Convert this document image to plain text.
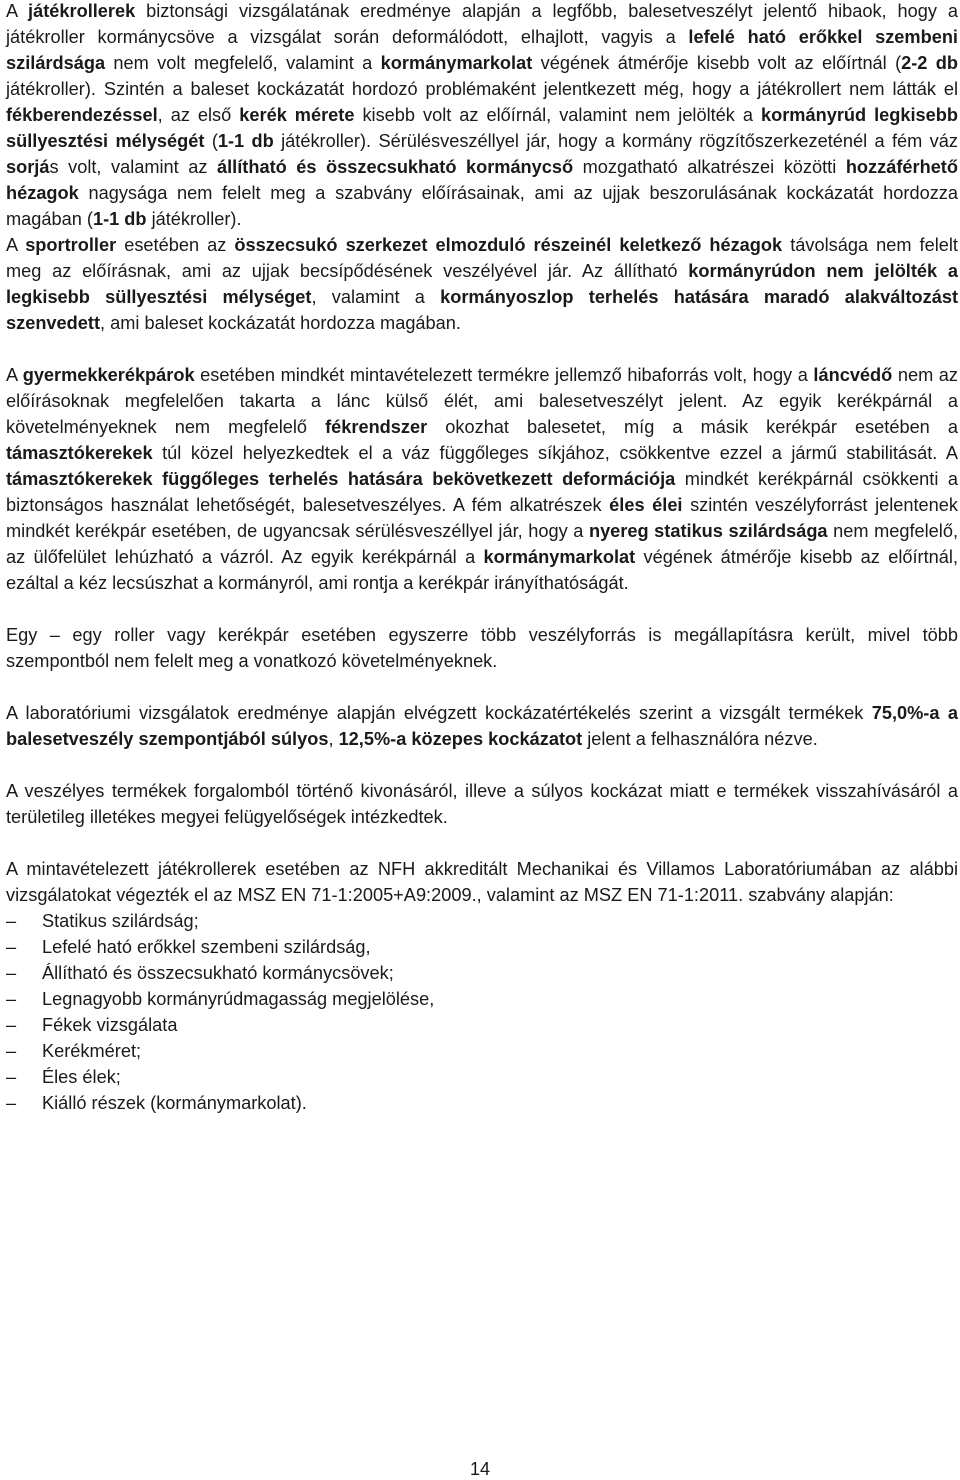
A játékrollerek biztonsági vizsgálatának eredménye alapján a legfőbb, balesetveszélyt jelentő hibaok, hogy a játékroller kormánycsöve a vizsgálat során deformálódott, elhajlott, vagyis a lefelé ható erőkkel szembeni szilárdsága nem volt megfelelő, valamint a kormánymarkolat végének átmérője kisebb volt az előírtnál (2-2 db játékroller). Szintén a baleset kockázatát hordozó problémaként jelentkezett még, hogy a játékrollert nem látták el fékberendezéssel, az első kerék mérete kisebb volt az előírnál, valamint nem jelölték a kormányrúd legkisebb süllyesztési mélységét (1-1 db játékroller). Sérülésveszéllyel jár, hogy a kormány rögzítőszerkezeténél a fém váz sorjás volt, valamint az állítható és összecsukható kormánycső mozgatható alkatrészei közötti hozzáférhető hézagok nagysága nem felelt meg a szabvány előírásainak, ami az ujjak beszorulásának kockázatát hordozza magában (1-1 db játékroller).

A sportroller esetében az összecsukó szerkezet elmozduló részeinél keletkező hézagok távolsága nem felelt meg az előírásnak, ami az ujjak becsípődésének veszélyével jár. Az állítható kormányrúdon nem jelölték a legkisebb süllyesztési mélységet, valamint a kormányoszlop terhelés hatására maradó alakváltozást szenvedett, ami baleset kockázatát hordozza magában.

A gyermekkerékpárok esetében mindkét mintavételezett termékre jellemző hibaforrás volt, hogy a láncvédő nem az előírásoknak megfelelően takarta a lánc külső élét, ami balesetveszélyt jelent. Az egyik kerékpárnál a követelményeknek nem megfelelő fékrendszer okozhat balesetet, míg a másik kerékpár esetében a támasztókerekek túl közel helyezkedtek el a váz függőleges síkjához, csökkentve ezzel a jármű stabilitását. A támasztókerekek függőleges terhelés hatására bekövetkezett deformációja mindkét kerékpárnál csökkenti a biztonságos használat lehetőségét, balesetveszélyes. A fém alkatrészek éles élei szintén veszélyforrást jelentenek mindkét kerékpár esetében, de ugyancsak sérülésveszéllyel jár, hogy a nyereg statikus szilárdsága nem megfelelő, az ülőfelület lehúzható a vázról. Az egyik kerékpárnál a kormánymarkolat végének átmérője kisebb az előírtnál, ezáltal a kéz lecsúszhat a kormányról, ami rontja a kerékpár irányíthatóságát.

Egy – egy roller vagy kerékpár esetében egyszerre több veszélyforrás is megállapításra került, mivel több szempontból nem felelt meg a vonatkozó követelményeknek.

A laboratóriumi vizsgálatok eredménye alapján elvégzett kockázatértékelés szerint a vizsgált termékek 75,0%-a a balesetveszély szempontjából súlyos, 12,5%-a közepes kockázatot jelent a felhasználóra nézve.

A veszélyes termékek forgalomból történő kivonásáról, illeve a súlyos kockázat miatt e termékek visszahívásáról a területileg illetékes megyei felügyelőségek intézkedtek.

A mintavételezett játékrollerek esetében az NFH akkreditált Mechanikai és Villamos Laboratóriumában az alábbi vizsgálatokat végezték el az MSZ EN 71-1:2005+A9:2009., valamint az MSZ EN 71-1:2011. szabvány alapján:

–	Statikus szilárdság;
–	Lefelé ható erőkkel szembeni szilárdság,
–	Állítható és összecsukható kormánycsövek;
–	Legnagyobb kormányrúdmagasság megjelölése,
–	Fékek vizsgálata
–	Kerékméret;
–	Éles élek;
–	Kiálló részek (kormánymarkolat).
14
